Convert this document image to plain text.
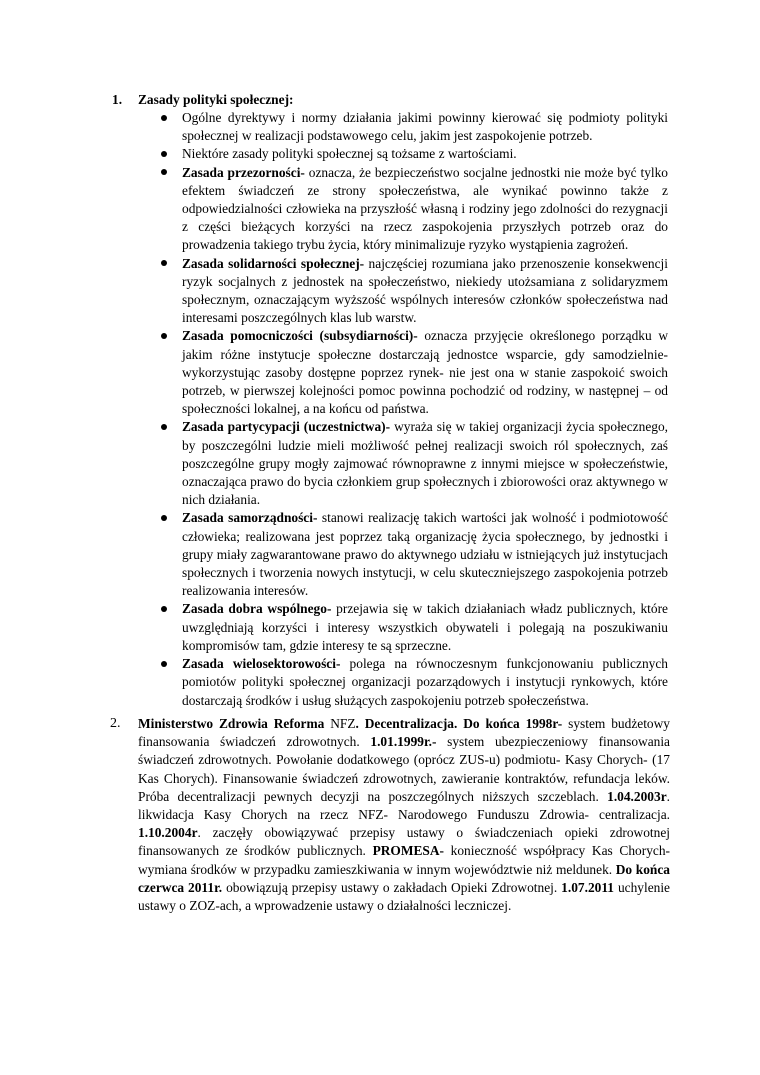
1. Zasady polityki społecznej:
Ogólne dyrektywy i normy działania jakimi powinny kierować się podmioty polityki społecznej w realizacji podstawowego celu, jakim jest zaspokojenie potrzeb.
Niektóre zasady polityki społecznej są tożsame z wartościami.
Zasada przezorności- oznacza, że bezpieczeństwo socjalne jednostki nie może być tylko efektem świadczeń ze strony społeczeństwa, ale wynikać powinno także z odpowiedzialności człowieka na przyszłość własną i rodziny jego zdolności do rezygnacji z części bieżących korzyści na rzecz zaspokojenia przyszłych potrzeb oraz do prowadzenia takiego trybu życia, który minimalizuje ryzyko wystąpienia zagrożeń.
Zasada solidarności społecznej- najczęściej rozumiana jako przenoszenie konsekwencji ryzyk socjalnych z jednostek na społeczeństwo, niekiedy utożsamiana z solidaryzmem społecznym, oznaczającym wyższość wspólnych interesów członków społeczeństwa nad interesami poszczególnych klas lub warstw.
Zasada pomocniczości (subsydiarności)- oznacza przyjęcie określonego porządku w jakim różne instytucje społeczne dostarczają jednostce wsparcie, gdy samodzielnie- wykorzystując zasoby dostępne poprzez rynek- nie jest ona w stanie zaspokoić swoich potrzeb, w pierwszej kolejności pomoc powinna pochodzić od rodziny, w następnej – od społeczności lokalnej, a na końcu od państwa.
Zasada partycypacji (uczestnictwa)- wyraża się w takiej organizacji życia społecznego, by poszczególni ludzie mieli możliwość pełnej realizacji swoich ról społecznych, zaś poszczególne grupy mogły zajmować równoprawne z innymi miejsce w społeczeństwie, oznaczająca prawo do bycia członkiem grup społecznych i zbiorowości oraz aktywnego w nich działania.
Zasada samorządności- stanowi realizację takich wartości jak wolność i podmiotowość człowieka; realizowana jest poprzez taką organizację życia społecznego, by jednostki i grupy miały zagwarantowane prawo do aktywnego udziału w istniejących już instytucjach społecznych i tworzenia nowych instytucji, w celu skuteczniejszego zaspokojenia potrzeb realizowania interesów.
Zasada dobra wspólnego- przejawia się w takich działaniach władz publicznych, które uwzględniają korzyści i interesy wszystkich obywateli i polegają na poszukiwaniu kompromisów tam, gdzie interesy te są sprzeczne.
Zasada wielosektorowości- polega na równoczesnym funkcjonowaniu publicznych pomiotów polityki społecznej organizacji pozarządowych i instytucji rynkowych, które dostarczają środków i usług służących zaspokojeniu potrzeb społeczeństwa.
2. Ministerstwo Zdrowia Reforma NFZ. Decentralizacja. Do końca 1998r- system budżetowy finansowania świadczeń zdrowotnych. 1.01.1999r.- system ubezpieczeniowy finansowania świadczeń zdrowotnych. Powołanie dodatkowego (oprócz ZUS-u) podmiotu- Kasy Chorych- (17 Kas Chorych). Finansowanie świadczeń zdrowotnych, zawieranie kontraktów, refundacja leków. Próba decentralizacji pewnych decyzji na poszczególnych niższych szczeblach. 1.04.2003r. likwidacja Kasy Chorych na rzecz NFZ- Narodowego Funduszu Zdrowia- centralizacja. 1.10.2004r. zaczęły obowiązywać przepisy ustawy o świadczeniach opieki zdrowotnej finansowanych ze środków publicznych. PROMESA- konieczność współpracy Kas Chorych- wymiana środków w przypadku zamieszkiwania w innym województwie niż meldunek. Do końca czerwca 2011r. obowiązują przepisy ustawy o zakładach Opieki Zdrowotnej. 1.07.2011 uchylenie ustawy o ZOZ-ach, a wprowadzenie ustawy o działalności leczniczej.
